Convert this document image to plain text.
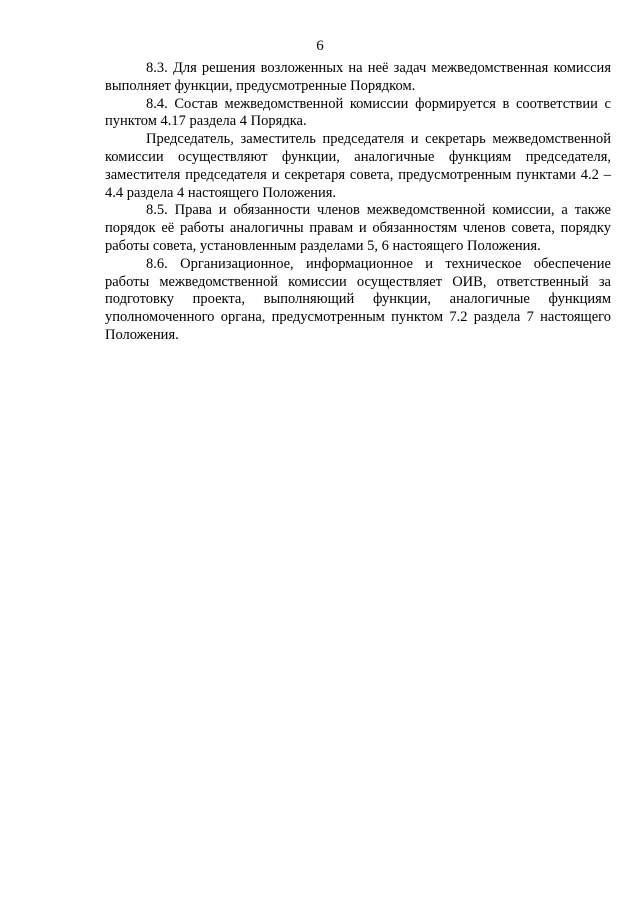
6

8.3. Для решения возложенных на неё задач межведомственная комиссия выполняет функции, предусмотренные Порядком.

8.4. Состав межведомственной комиссии формируется в соответствии с пунктом 4.17 раздела 4 Порядка.

Председатель, заместитель председателя и секретарь межведомственной комиссии осуществляют функции, аналогичные функциям председателя, заместителя председателя и секретаря совета, предусмотренным пунктами 4.2 – 4.4 раздела 4 настоящего Положения.

8.5. Права и обязанности членов межведомственной комиссии, а также порядок её работы аналогичны правам и обязанностям членов совета, порядку работы совета, установленным разделами 5, 6 настоящего Положения.

8.6. Организационное, информационное и техническое обеспечение работы межведомственной комиссии осуществляет ОИВ, ответственный за подготовку проекта, выполняющий функции, аналогичные функциям уполномоченного органа, предусмотренным пунктом 7.2 раздела 7 настоящего Положения.
